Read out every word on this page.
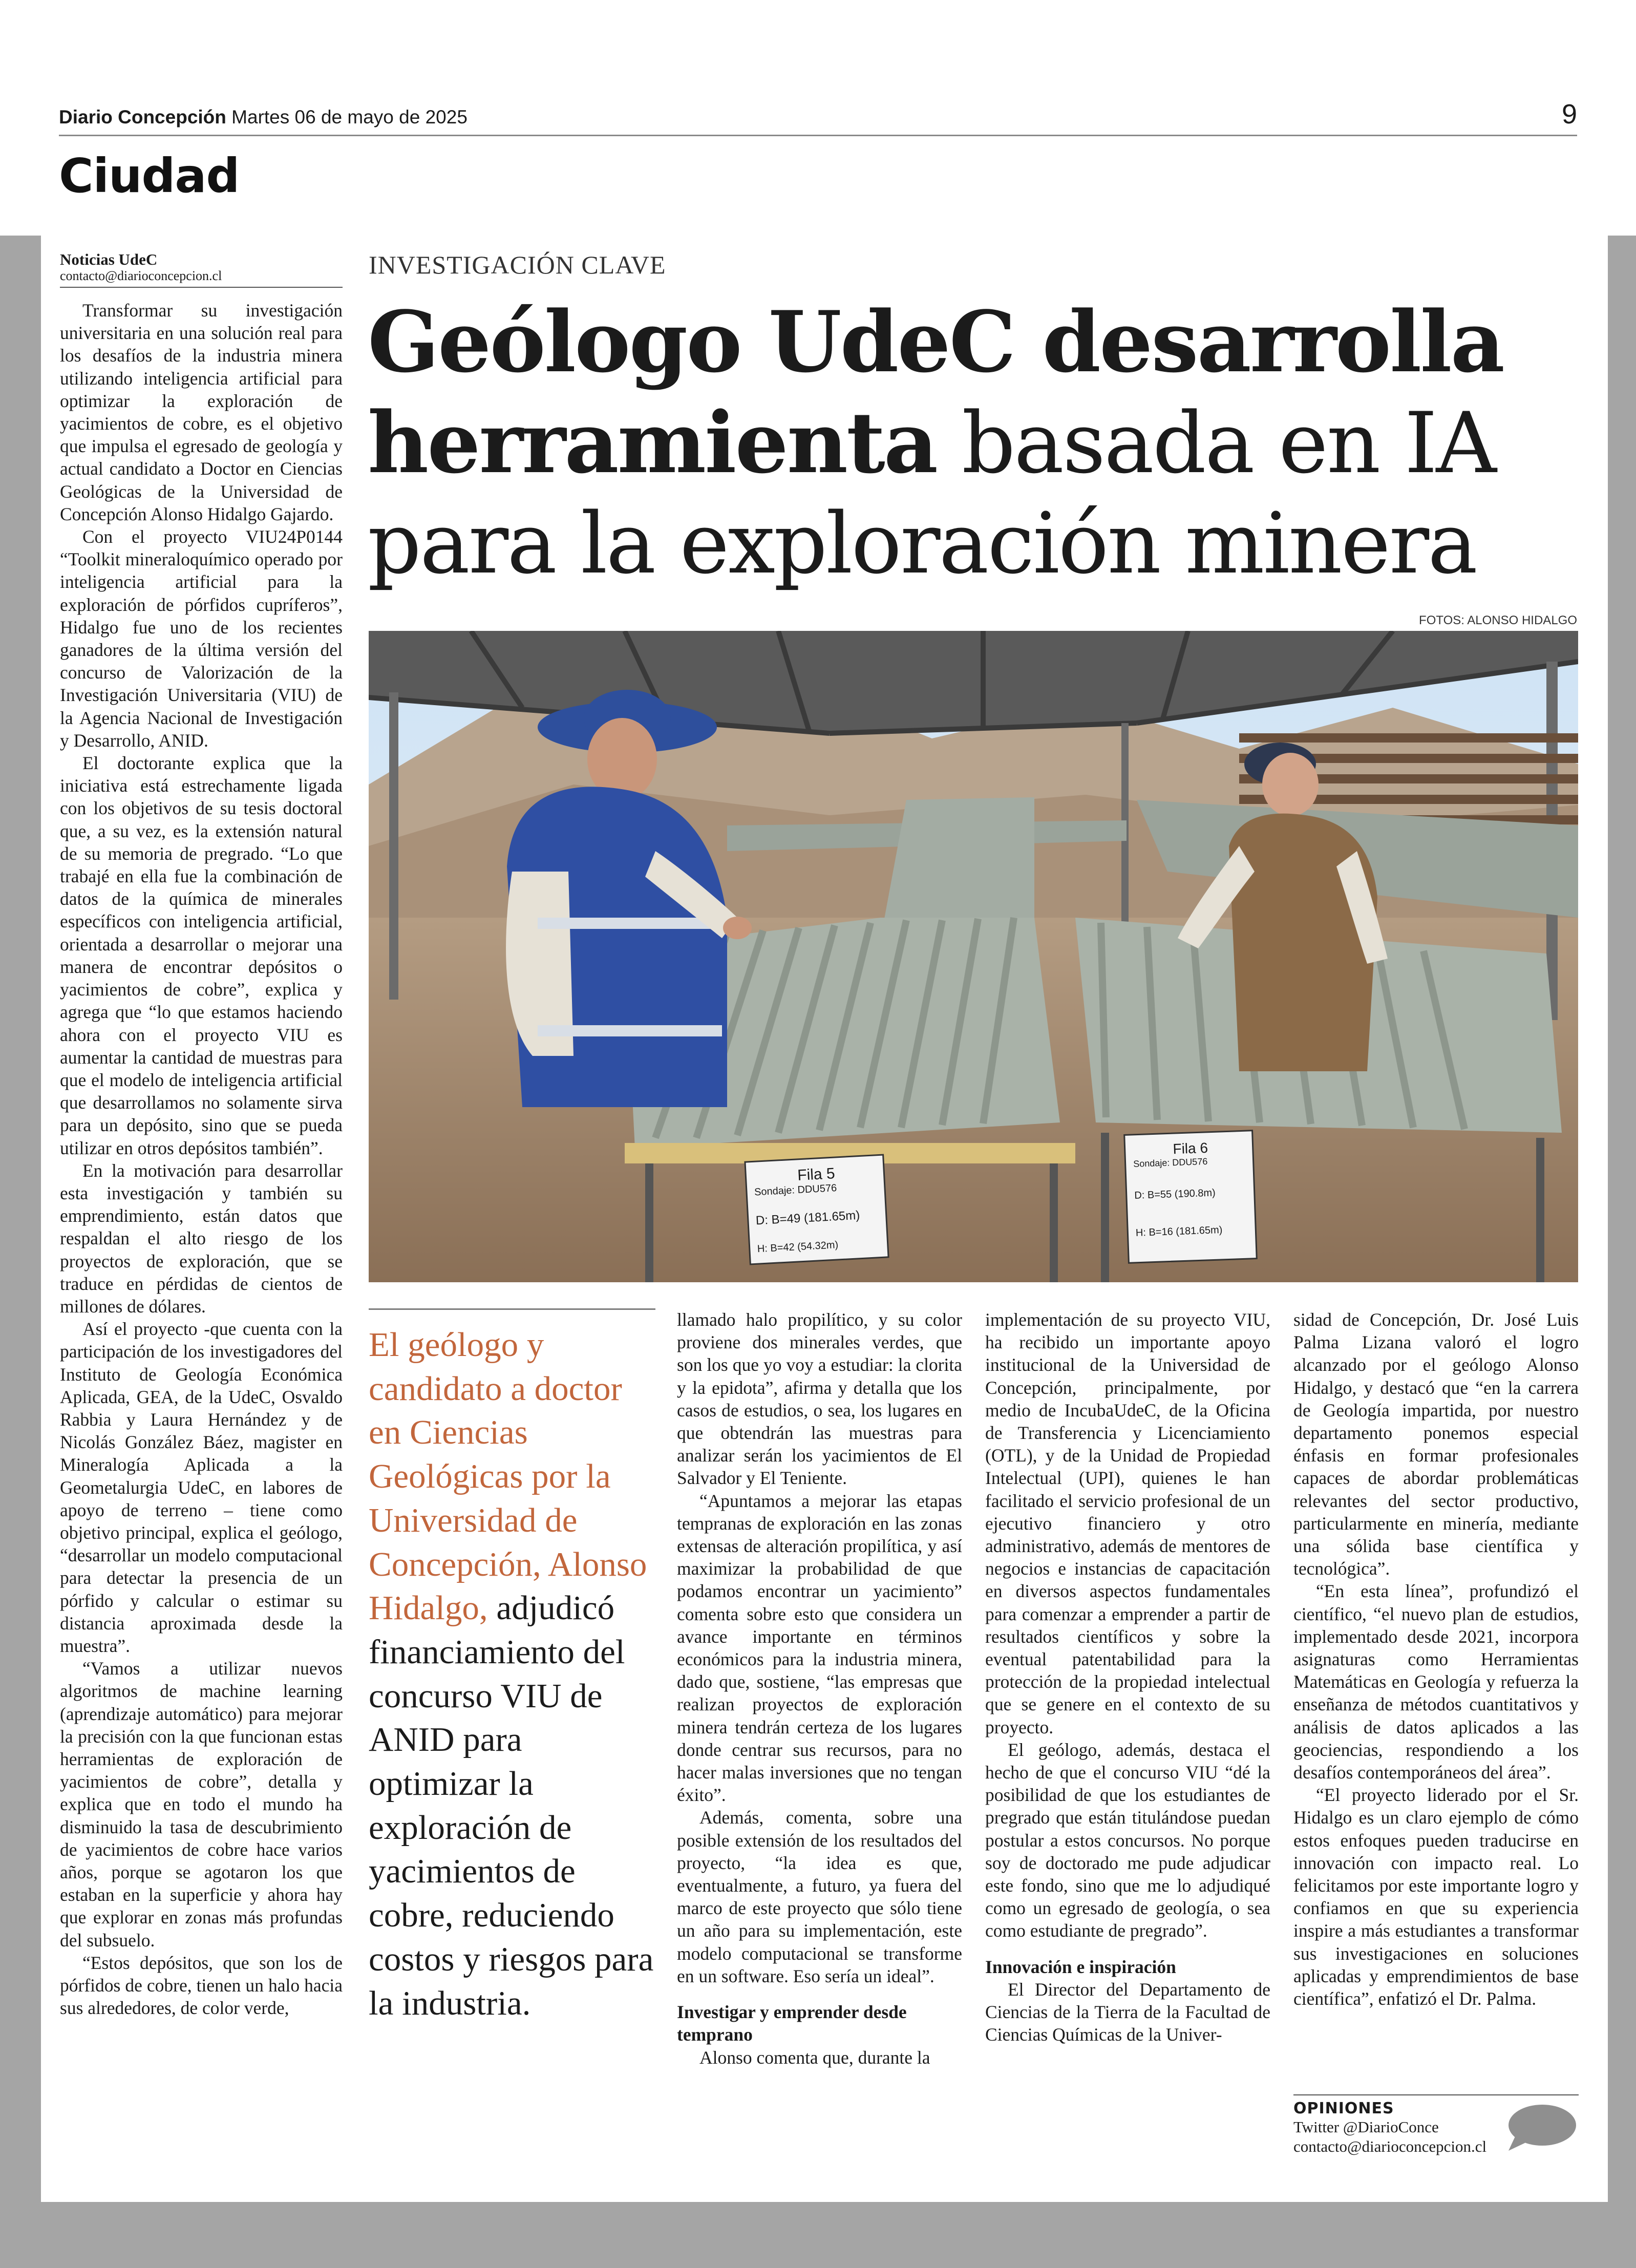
Diario Concepción Martes 06 de mayo de 2025	9
Ciudad
Noticias UdeC
contacto@diarioconcepcion.cl

Transformar su investigación universitaria en una solución real para los desafíos de la industria minera utilizando inteligencia artificial para optimizar la exploración de yacimientos de cobre, es el objetivo que impulsa el egresado de geología y actual candidato a Doctor en Ciencias Geológicas de la Universidad de Concepción Alonso Hidalgo Gajardo.

Con el proyecto VIU24P0144 “Toolkit mineraloquímico operado por inteligencia artificial para la exploración de pórfidos cupríferos”, Hidalgo fue uno de los recientes ganadores de la última versión del concurso de Valorización de la Investigación Universitaria (VIU) de la Agencia Nacional de Investigación y Desarrollo, ANID.

El doctorante explica que la iniciativa está estrechamente ligada con los objetivos de su tesis doctoral que, a su vez, es la extensión natural de su memoria de pregrado. “Lo que trabajé en ella fue la combinación de datos de la química de minerales específicos con inteligencia artificial, orientada a desarrollar o mejorar una manera de encontrar depósitos o yacimientos de cobre”, explica y agrega que “lo que estamos haciendo ahora con el proyecto VIU es aumentar la cantidad de muestras para que el modelo de inteligencia artificial que desarrollamos no solamente sirva para un depósito, sino que se pueda utilizar en otros depósitos también”.

En la motivación para desarrollar esta investigación y también su emprendimiento, están datos que respaldan el alto riesgo de los proyectos de exploración, que se traduce en pérdidas de cientos de millones de dólares.

Así el proyecto -que cuenta con la participación de los investigadores del Instituto de Geología Económica Aplicada, GEA, de la UdeC, Osvaldo Rabbia y Laura Hernández y de Nicolás González Báez, magister en Mineralogía Aplicada a la Geometalurgia UdeC, en labores de apoyo de terreno – tiene como objetivo principal, explica el geólogo, “desarrollar un modelo computacional para detectar la presencia de un pórfido y calcular o estimar su distancia aproximada desde la muestra”.

“Vamos a utilizar nuevos algoritmos de machine learning (aprendizaje automático) para mejorar la precisión con la que funcionan estas herramientas de exploración de yacimientos de cobre”, detalla y explica que en todo el mundo ha disminuido la tasa de descubrimiento de yacimientos de cobre hace varios años, porque se agotaron los que estaban en la superficie y ahora hay que explorar en zonas más profundas del subsuelo.

“Estos depósitos, que son los de pórfidos de cobre, tienen un halo hacia sus alrededores, de color verde,

INVESTIGACIÓN CLAVE
Geólogo UdeC desarrolla herramienta basada en IA para la exploración minera
FOTOS: ALONSO HIDALGO
Fila 5
Sondaje: DDU576
D: B=49 (181.65m)
H: B=42 (54.32m)
Fila 6
Sondaje: DDU576
D: B=55 (190.8m)
H: B=16 (181.65m)
El geólogo y candidato a doctor en Ciencias Geológicas por la Universidad de Concepción, Alonso Hidalgo, adjudicó financiamiento del concurso VIU de ANID para optimizar la exploración de yacimientos de cobre, reduciendo costos y riesgos para la industria.

llamado halo propilítico, y su color proviene dos minerales verdes, que son los que yo voy a estudiar: la clorita y la epidota”, afirma y detalla que los casos de estudios, o sea, los lugares en que obtendrán las muestras para analizar serán los yacimientos de El Salvador y El Teniente.

“Apuntamos a mejorar las etapas tempranas de exploración en las zonas extensas de alteración propilítica, y así maximizar la probabilidad de que podamos encontrar un yacimiento” comenta sobre esto que considera un avance importante en términos económicos para la industria minera, dado que, sostiene, “las empresas que realizan proyectos de exploración minera tendrán certeza de los lugares donde centrar sus recursos, para no hacer malas inversiones que no tengan éxito”.

Además, comenta, sobre una posible extensión de los resultados del proyecto, “la idea es que, eventualmente, a futuro, ya fuera del marco de este proyecto que sólo tiene un año para su implementación, este modelo computacional se transforme en un software. Eso sería un ideal”.

Investigar y emprender desde temprano

Alonso comenta que, durante la

implementación de su proyecto VIU, ha recibido un importante apoyo institucional de la Universidad de Concepción, principalmente, por medio de IncubaUdeC, de la Oficina de Transferencia y Licenciamiento (OTL), y de la Unidad de Propiedad Intelectual (UPI), quienes le han facilitado el servicio profesional de un ejecutivo financiero y otro administrativo, además de mentores de negocios e instancias de capacitación en diversos aspectos fundamentales para comenzar a emprender a partir de resultados científicos y sobre la eventual patentabilidad para la protección de la propiedad intelectual que se genere en el contexto de su proyecto.

El geólogo, además, destaca el hecho de que el concurso VIU “dé la posibilidad de que los estudiantes de pregrado que están titulándose puedan postular a estos concursos. No porque soy de doctorado me pude adjudicar este fondo, sino que me lo adjudiqué como un egresado de geología, o sea como estudiante de pregrado”.

Innovación e inspiración

El Director del Departamento de Ciencias de la Tierra de la Facultad de Ciencias Químicas de la Univer-

sidad de Concepción, Dr. José Luis Palma Lizana valoró el logro alcanzado por el geólogo Alonso Hidalgo, y destacó que “en la carrera de Geología impartida, por nuestro departamento ponemos especial énfasis en formar profesionales capaces de abordar problemáticas relevantes del sector productivo, particularmente en minería, mediante una sólida base científica y tecnológica”.

“En esta línea”, profundizó el científico, “el nuevo plan de estudios, implementado desde 2021, incorpora asignaturas como Herramientas Matemáticas en Geología y refuerza la enseñanza de métodos cuantitativos y análisis de datos aplicados a las geociencias, respondiendo a los desafíos contemporáneos del área”.

“El proyecto liderado por el Sr. Hidalgo es un claro ejemplo de cómo estos enfoques pueden traducirse en innovación con impacto real. Lo felicitamos por este importante logro y confiamos en que su experiencia inspire a más estudiantes a transformar sus investigaciones en soluciones aplicadas y emprendimientos de base científica”, enfatizó el Dr. Palma.

OPINIONES
Twitter @DiarioConce
contacto@diarioconcepcion.cl
